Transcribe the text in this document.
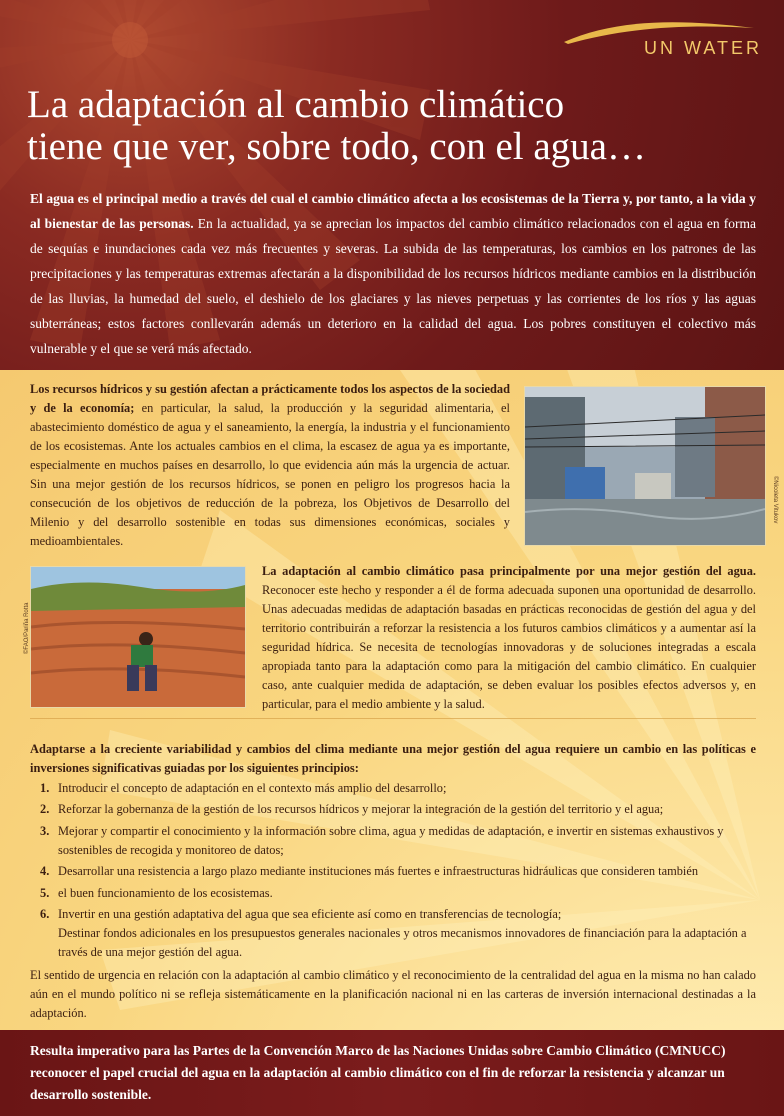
UN WATER
La adaptación al cambio climático
tiene que ver, sobre todo, con el agua…

El agua es el principal medio a través del cual el cambio climático afecta a los ecosistemas de la Tierra y, por tanto, a la vida y al bienestar de las personas. En la actualidad, ya se aprecian los impactos del cambio climático relacionados con el agua en forma de sequías e inundaciones cada vez más frecuentes y severas. La subida de las temperaturas, los cambios en los patrones de las precipitaciones y las temperaturas extremas afectarán a la disponibilidad de los recursos hídricos mediante cambios en la distribución de las lluvias, la humedad del suelo, el deshielo de los glaciares y las nieves perpetuas y las corrientes de los ríos y las aguas subterráneas; estos factores conllevarán además un deterioro en la calidad del agua. Los pobres constituyen el colectivo más vulnerable y el que se verá más afectado.

Los recursos hídricos y su gestión afectan a prácticamente todos los aspectos de la sociedad y de la economía; en particular, la salud, la producción y la seguridad alimentaria, el abastecimiento doméstico de agua y el saneamiento, la energía, la industria y el funcionamiento de los ecosistemas. Ante los actuales cambios en el clima, la escasez de agua ya es importante, especialmente en muchos países en desarrollo, lo que evidencia aún más la urgencia de actuar. Sin una mejor gestión de los recursos hídricos, se ponen en peligro los progresos hacia la consecución de los objetivos de reducción de la pobreza, los Objetivos de Desarrollo del Milenio y del desarrollo sostenible en todas sus dimensiones económicas, sociales y medioambientales.

©Nicoleta Vitukov
©FAO/Pariña Rotta

La adaptación al cambio climático pasa principalmente por una mejor gestión del agua. Reconocer este hecho y responder a él de forma adecuada suponen una oportunidad de desarrollo. Unas adecuadas medidas de adaptación basadas en prácticas reconocidas de gestión del agua y del territorio contribuirán a reforzar la resistencia a los futuros cambios climáticos y a aumentar así la seguridad hídrica. Se necesita de tecnologías innovadoras y de soluciones integradas a escala apropiada tanto para la adaptación como para la mitigación del cambio climático. En cualquier caso, ante cualquier medida de adaptación, se deben evaluar los posibles efectos adversos y, en particular, para el medio ambiente y la salud.

Adaptarse a la creciente variabilidad y cambios del clima mediante una mejor gestión del agua requiere un cambio en las políticas e inversiones significativas guiadas por los siguientes principios:

1. Introducir el concepto de adaptación en el contexto más amplio del desarrollo;
2. Reforzar la gobernanza de la gestión de los recursos hídricos y mejorar la integración de la gestión del territorio y el agua;
3. Mejorar y compartir el conocimiento y la información sobre clima, agua y medidas de adaptación, e invertir en sistemas exhaustivos y sostenibles de recogida y monitoreo de datos;
4. Desarrollar una resistencia a largo plazo mediante instituciones más fuertes e infraestructuras hidráulicas que consideren también
5. el buen funcionamiento de los ecosistemas.
6. Invertir en una gestión adaptativa del agua que sea eficiente así como en transferencias de tecnología;
Destinar fondos adicionales en los presupuestos generales nacionales y otros mecanismos innovadores de financiación para la adaptación a través de una mejor gestión del agua.

El sentido de urgencia en relación con la adaptación al cambio climático y el reconocimiento de la centralidad del agua en la misma no han calado aún en el mundo político ni se refleja sistemáticamente en la planificación nacional ni en las carteras de inversión internacional destinadas a la adaptación.

Resulta imperativo para las Partes de la Convención Marco de las Naciones Unidas sobre Cambio Climático (CMNUCC) reconocer el papel crucial del agua en la adaptación al cambio climático con el fin de reforzar la resistencia y alcanzar un desarrollo sostenible.
